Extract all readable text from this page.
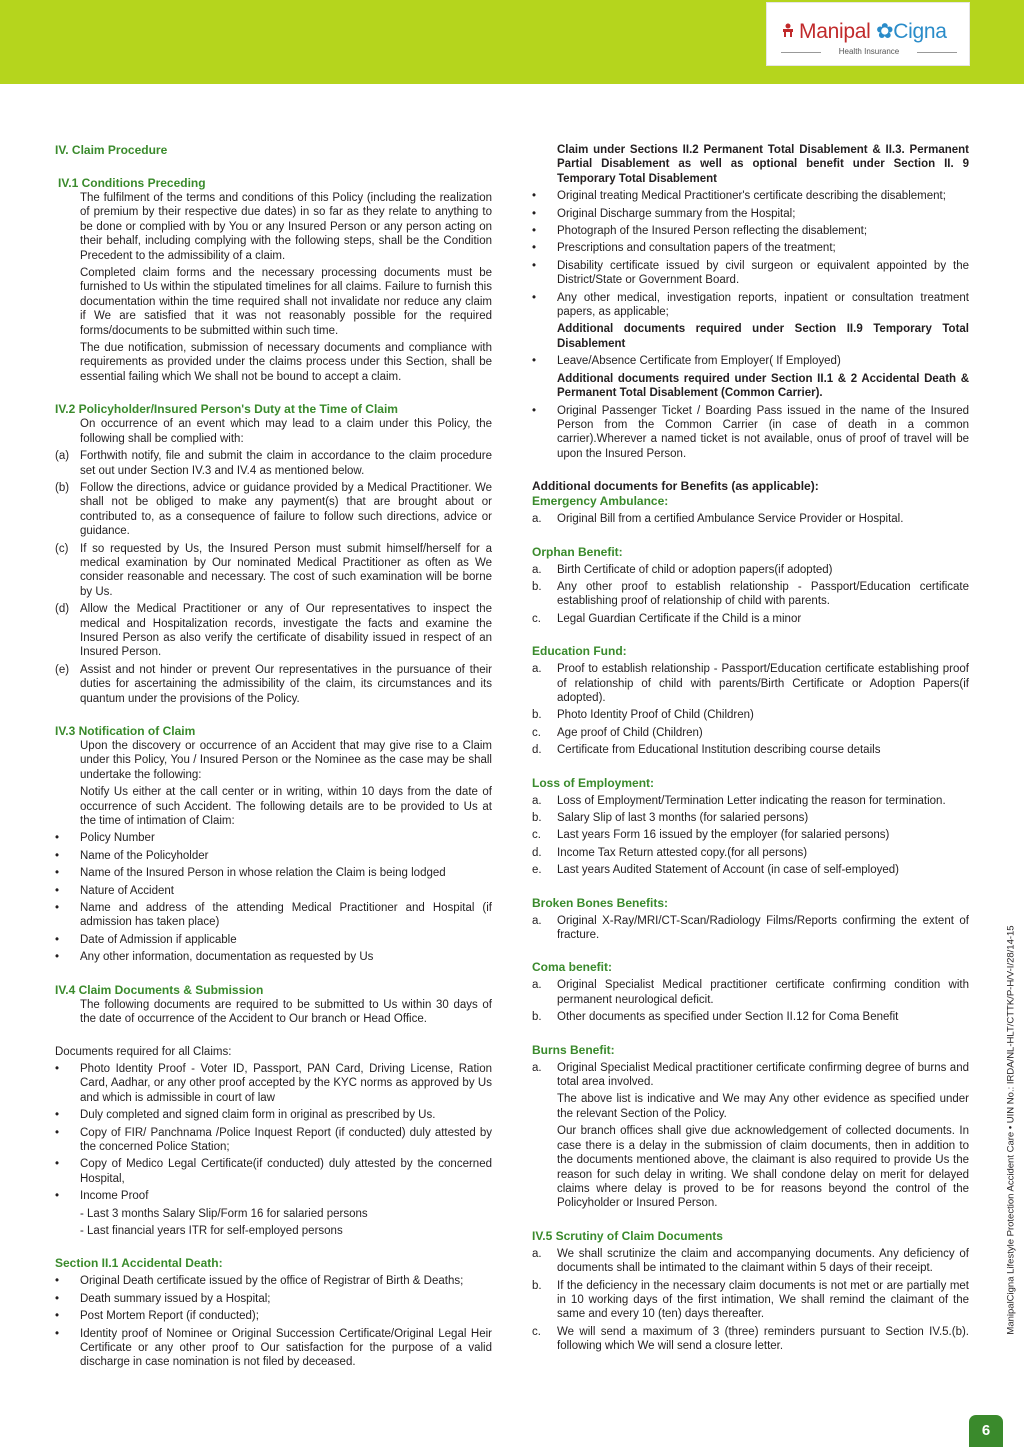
Manipal ✿Cigna
Health Insurance
IV. Claim Procedure
IV.1 Conditions Preceding

The fulfilment of the terms and conditions of this Policy (including the realization of premium by their respective due dates) in so far as they relate to anything to be done or complied with by You or any Insured Person or any person acting on their behalf, including complying with the following steps, shall be the Condition Precedent to the admissibility of a claim.

Completed claim forms and the necessary processing documents must be furnished to Us within the stipulated timelines for all claims. Failure to furnish this documentation within the time required shall not invalidate nor reduce any claim if We are satisfied that it was not reasonably possible for the required forms/documents to be submitted within such time.

The due notification, submission of necessary documents and compliance with requirements as provided under the claims process under this Section, shall be essential failing which We shall not be bound to accept a claim.

IV.2 Policyholder/Insured Person's Duty at the Time of Claim

On occurrence of an event which may lead to a claim under this Policy, the following shall be complied with:

(a) Forthwith notify, file and submit the claim in accordance to the claim procedure set out under Section IV.3 and IV.4 as mentioned below.
(b) Follow the directions, advice or guidance provided by a Medical Practitioner. We shall not be obliged to make any payment(s) that are brought about or contributed to, as a consequence of failure to follow such directions, advice or guidance.
(c)	If so requested by Us, the Insured Person must submit himself/herself for a medical examination by Our nominated Medical Practitioner as often as We consider reasonable and necessary. The cost of such examination will be borne by Us.
(d) Allow the Medical Practitioner or any of Our representatives to inspect the medical and Hospitalization records, investigate the facts and examine the Insured Person as also verify the certificate of disability issued in respect of an Insured Person.
(e) Assist and not hinder or prevent Our representatives in the pursuance of their duties for ascertaining the admissibility of the claim, its circumstances and its quantum under the provisions of the Policy.
IV.3 Notification of Claim

Upon the discovery or occurrence of an Accident that may give rise to a Claim under this Policy, You / Insured Person or the Nominee as the case may be shall undertake the following:

Notify Us either at the call center or in writing, within 10 days from the date of occurrence of such Accident. The following details are to be provided to Us at the time of intimation of Claim:

•	Policy Number
•	Name of the Policyholder
•	Name of the Insured Person in whose relation the Claim is being lodged
•	Nature of Accident
•	Name and address of the attending Medical Practitioner and Hospital (if admission has taken place)
•	Date of Admission if applicable
•	Any other information, documentation as requested by Us
IV.4 Claim Documents & Submission

The following documents are required to be submitted to Us within 30 days of the date of occurrence of the Accident to Our branch or Head Office.

Documents required for all Claims:

•	Photo Identity Proof - Voter ID, Passport, PAN Card, Driving License, Ration Card, Aadhar, or any other proof accepted by the KYC norms as approved by Us and which is admissible in court of law
•	Duly completed and signed claim form in original as prescribed by Us.
•	Copy of FIR/ Panchnama /Police Inquest Report (if conducted) duly attested by the concerned Police Station;
•	Copy of Medico Legal Certificate(if conducted) duly attested by the concerned Hospital,
•	Income Proof
- Last 3 months Salary Slip/Form 16 for salaried persons
- Last financial years ITR for self-employed persons
Section II.1 Accidental Death:
•	Original Death certificate issued by the office of Registrar of Birth & Deaths;
•	Death summary issued by a Hospital;
•	Post Mortem Report (if conducted);
•	Identity proof of Nominee or Original Succession Certificate/Original Legal Heir Certificate or any other proof to Our satisfaction for the purpose of a valid discharge in case nomination is not filed by deceased.

Claim under Sections II.2 Permanent Total Disablement & II.3. Permanent Partial Disablement as well as optional benefit under Section II. 9 Temporary Total Disablement

•	Original treating Medical Practitioner's certificate describing the disablement;
•	Original Discharge summary from the Hospital;
•	Photograph of the Insured Person reflecting the disablement;
•	Prescriptions and consultation papers of the treatment;
•	Disability certificate issued by civil surgeon or equivalent appointed by the District/State or Government Board.
•	Any other medical, investigation reports, inpatient or consultation treatment papers, as applicable;

Additional documents required under Section II.9 Temporary Total Disablement

•	Leave/Absence Certificate from Employer( If Employed)

Additional documents required under Section II.1 & 2 Accidental Death & Permanent Total Disablement (Common Carrier).

•	Original Passenger Ticket / Boarding Pass issued in the name of the Insured Person from the Common Carrier (in case of death in a common carrier).Wherever a named ticket is not available, onus of proof of travel will be upon the Insured Person.
Additional documents for Benefits (as applicable):
Emergency Ambulance:
a.	Original Bill from a certified Ambulance Service Provider or Hospital.
Orphan Benefit:
a.	Birth Certificate of child or adoption papers(if adopted)
b.	Any other proof to establish relationship - Passport/Education certificate establishing proof of relationship of child with parents.
c.	Legal Guardian Certificate if the Child is a minor
Education Fund:
a.	Proof to establish relationship - Passport/Education certificate establishing proof of relationship of child with parents/Birth Certificate or Adoption Papers(if adopted).
b.	Photo Identity Proof of Child (Children)
c.	Age proof of Child (Children)
d.	Certificate from Educational Institution describing course details
Loss of Employment:
a.	Loss of Employment/Termination Letter indicating the reason for termination.
b.	Salary Slip of last 3 months (for salaried persons)
c.	Last years Form 16 issued by the employer (for salaried persons)
d.	Income Tax Return attested copy.(for all persons)
e.	Last years Audited Statement of Account (in case of self-employed)
Broken Bones Benefits:
a.	Original X-Ray/MRI/CT-Scan/Radiology Films/Reports confirming the extent of fracture.
Coma benefit:
a.	Original Specialist Medical practitioner certificate confirming condition with permanent neurological deficit.
b.	Other documents as specified under Section II.12 for Coma Benefit
Burns Benefit:
a.	Original Specialist Medical practitioner certificate confirming degree of burns and total area involved.

The above list is indicative and We may Any other evidence as specified under the relevant Section of the Policy.

Our branch offices shall give due acknowledgement of collected documents. In case there is a delay in the submission of claim documents, then in addition to the documents mentioned above, the claimant is also required to provide Us the reason for such delay in writing. We shall condone delay on merit for delayed claims where delay is proved to be for reasons beyond the control of the Policyholder or Insured Person.

IV.5 Scrutiny of Claim Documents
a.	We shall scrutinize the claim and accompanying documents. Any deficiency of documents shall be intimated to the claimant within 5 days of their receipt.
b.	If the deficiency in the necessary claim documents is not met or are partially met in 10 working days of the first intimation, We shall remind the claimant of the same and every 10 (ten) days thereafter.
c.	We will send a maximum of 3 (three) reminders pursuant to Section IV.5.(b). following which We will send a closure letter.
ManipalCigna Lifestyle Protection Accident Care • UIN No.: IRDA/NL-HLT/CTTK/P-H/V-I/28/14-15
6
